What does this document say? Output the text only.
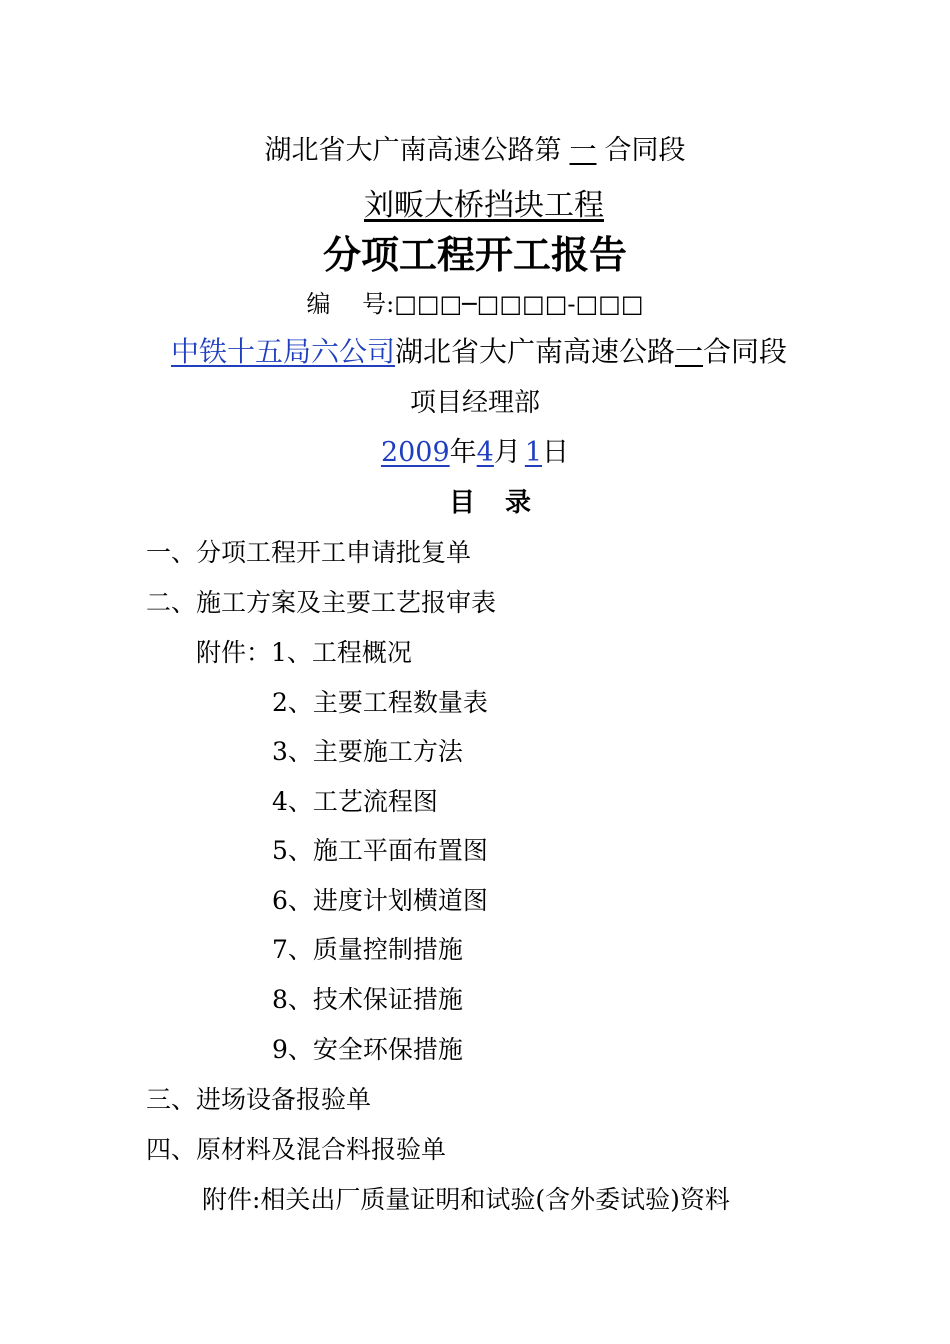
湖北省大广南高速公路第 一 合同段
刘畈大桥挡块工程
分项工程开工报告
编　 号:□□□─□□□□-□□□
中铁十五局六公司湖北省大广南高速公路一合同段
项目经理部
2009年4月 1日
目录
一、分项工程开工申请批复单
二、施工方案及主要工艺报审表
附件：1、工程概况
2、主要工程数量表
3、主要施工方法
4、工艺流程图
5、施工平面布置图
6、进度计划横道图
7、质量控制措施
8、技术保证措施
9、安全环保措施
三、进场设备报验单
四、原材料及混合料报验单
附件:相关出厂质量证明和试验(含外委试验)资料
